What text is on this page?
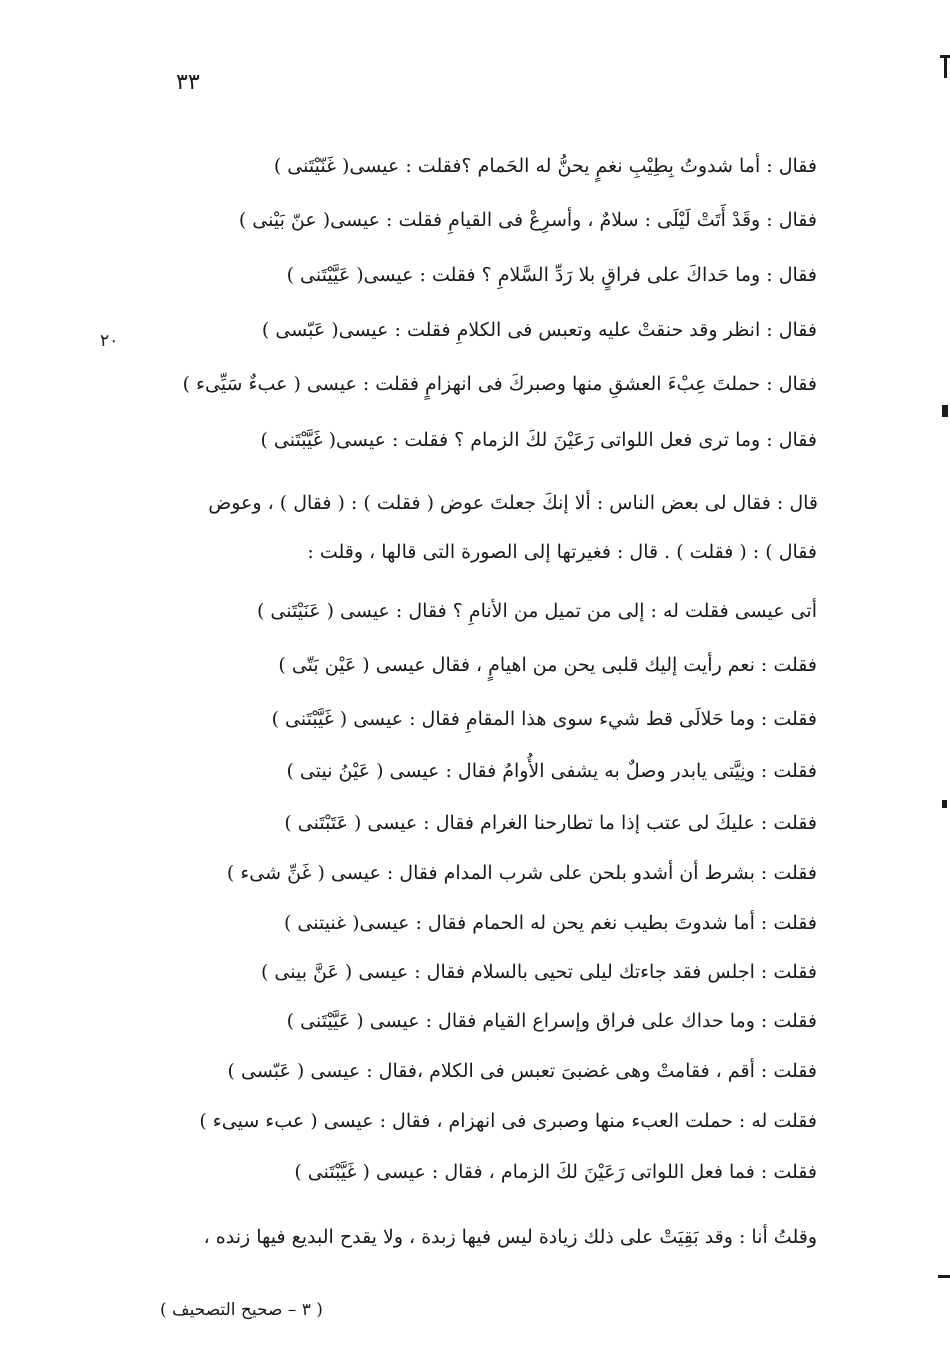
٣٣
٢٠
فقال : أما شدوتُ بِطِيْبِ نغمٍ يحنُّ له الحَمام ؟فقلت : عيسى( غَنّيْتَنى )
فقال : وقَدْ أَتَتْ لَيْلَى : سلامٌ ، وأسرِعْ فى القيامِ فقلت : عيسى( عنّ بَيْنى )
فقال : وما حَداكَ على فراقٍ بلا رَدِّ السَّلامِ ؟ فقلت : عيسى( عَيَّيْتَنى )
فقال : انظر وقد حنقتْ عليه وتعبس فى الكلامِ فقلت : عيسى( عَبّسى )
فقال : حملتَ عِبْءَ العشقِ منها وصبركَ فى انهزامٍ فقلت : عيسى ( عبءٌ سَيِّىء )
فقال : وما ترى فعل اللواتى رَعَيْنَ لكَ الزمام ؟ فقلت : عيسى( غَيَّبْتَنى )
قال : فقال لى بعض الناس : ألا إنكَ جعلتَ عوض ( فقلت ) : ( فقال ) ، وعوض
فقال ) : ( فقلت ) . قال : فغيرتها إلى الصورة التى قالها ، وقلت :
أتى عيسى فقلت له : إلى من تميل من الأنامِ ؟ فقال : عيسى ( عَنَيْتَنى )
فقلت : نعم رأيت إليك قلبى يحن من اهيامٍ ، فقال عيسى ( عَيْن بَتّى )
فقلت : وما حَلالَى قط شيء سوى هذا المقامِ فقال : عيسى ( غَيَّبْتَنى )
فقلت : ونِيَّتى يابدر وصلٌ به يشفى الأُوامُ فقال : عيسى ( عَيْنُ نيتى )
فقلت : عليكَ لى عتب إذا ما تطارحنا الغرام فقال : عيسى ( عَتَبْتَنى )
فقلت : بشرط أن أشدو بلحن على شرب المدام فقال : عيسى ( غَنِّ شىء )
فقلت : أما شدوتَ بطيب نغم يحن له الحمام فقال : عيسى( غنيتنى )
فقلت : اجلس فقد جاءتك ليلى تحيى بالسلام فقال : عيسى ( عَنَّ بينى )
فقلت : وما حداك على فراق وإسراع القيام فقال : عيسى ( عَيَّيْتَنى )
فقلت : أقم ، فقامتْ وهى غضبىَ تعبس فى الكلام ،فقال : عيسى ( عَبّسى )
فقلت له : حملت العبء منها وصبرى فى انهزام ، فقال : عيسى ( عبء سيىء )
فقلت : فما فعل اللواتى رَعَيْنَ لكَ الزمام ، فقال : عيسى ( غَيَّبْتَنى )
وقلتُ أنا : وقد بَقِيَتْ على ذلك زيادة ليس فيها زبدة ، ولا يقدح البديع فيها زنده ،
( ٣ – صحيح التصحيف )
